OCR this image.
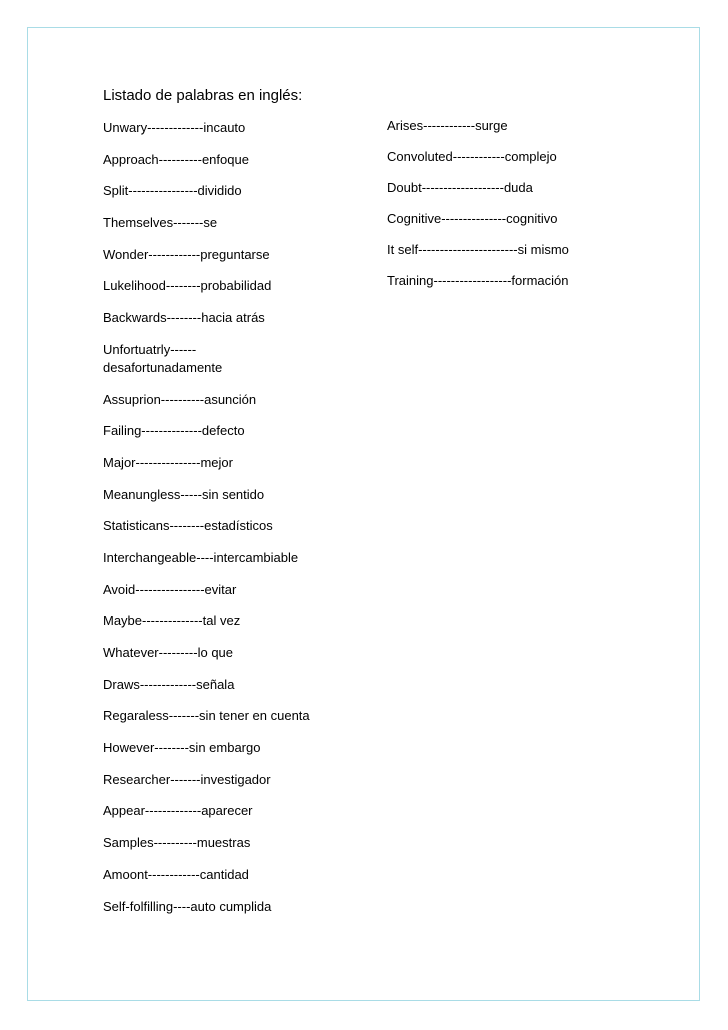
Listado de palabras en inglés:
Unwary-------------incauto
Approach----------enfoque
Split----------------dividido
Themselves-------se
Wonder------------preguntarse
Lukelihood--------probabilidad
Backwards--------hacia atrás
Unfortuatrly------ desafortunadamente
Assuprion----------asunción
Failing--------------defecto
Major---------------mejor
Meanungless-----sin sentido
Statisticans--------estadísticos
Interchangeable----intercambiable
Avoid----------------evitar
Maybe--------------tal vez
Whatever---------lo que
Draws-------------señala
Regaraless-------sin tener en cuenta
However--------sin embargo
Researcher-------investigador
Appear-------------aparecer
Samples----------muestras
Amoont------------cantidad
Self-folfilling----auto cumplida
Arises------------surge
Convoluted------------complejo
Doubt-------------------duda
Cognitive---------------cognitivo
It self-----------------------si mismo
Training------------------formación
